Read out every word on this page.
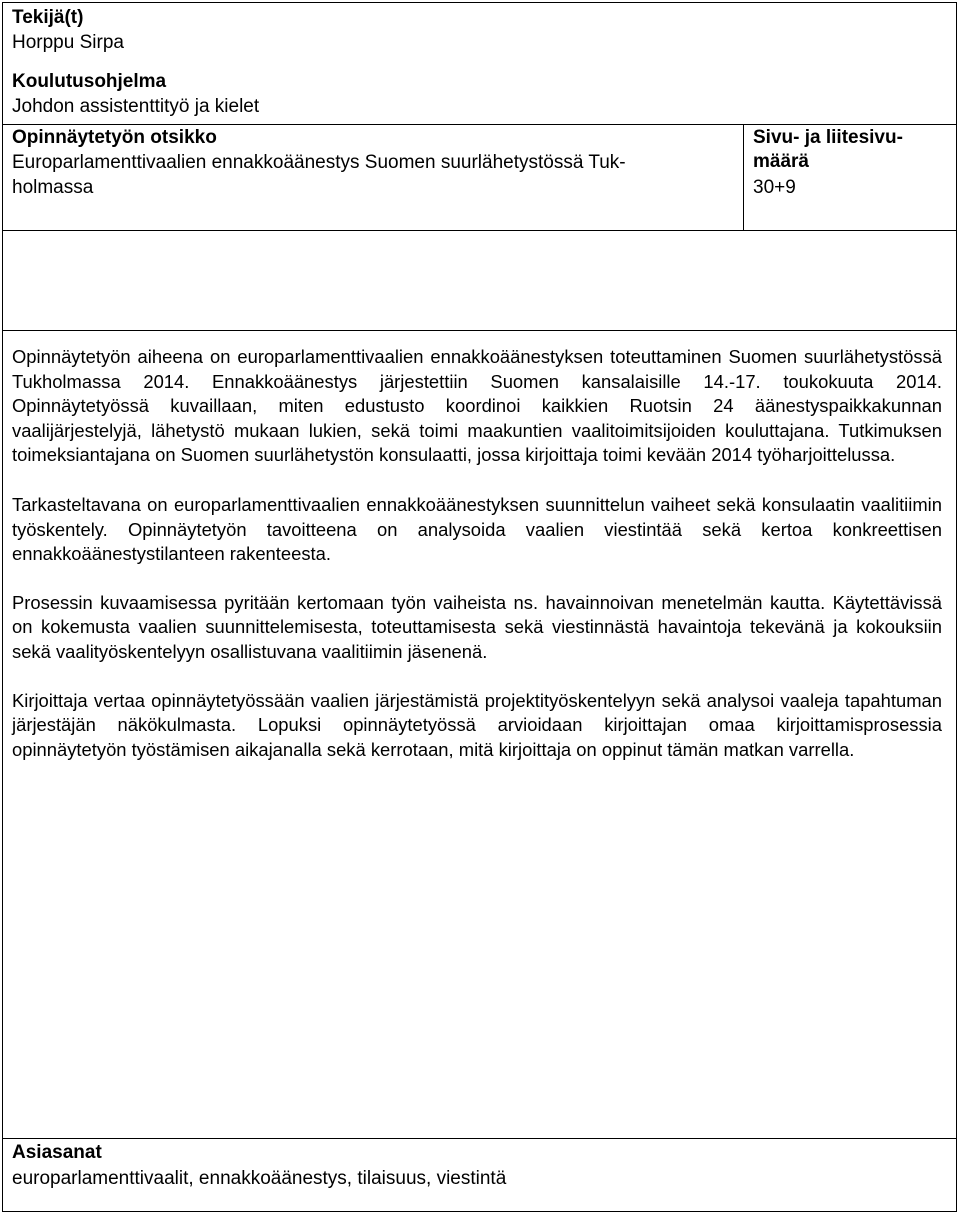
Tekijä(t)
Horppu Sirpa
Koulutusohjelma
Johdon assistenttityö ja kielet
Opinnäytetyön otsikko
Europarlamenttivaalien ennakkoäänestys Suomen suurlähetystössä Tuk-
holmassa
Sivu- ja liitesivu-
määrä
30+9

Opinnäytetyön aiheena on europarlamenttivaalien ennakkoäänestyksen toteuttaminen Suomen suurlähetystössä Tukholmassa 2014. Ennakkoäänestys järjestettiin Suomen kansalaisille 14.-17. toukokuuta 2014. Opinnäytetyössä kuvaillaan, miten edustusto koordinoi kaikkien Ruotsin 24 äänestyspaikkakunnan vaalijärjestelyjä, lähetystö mukaan lukien, sekä toimi maakuntien vaalitoimitsijoiden kouluttajana. Tutkimuksen toimeksiantajana on Suomen suurlähetystön konsulaatti, jossa kirjoittaja toimi kevään 2014 työharjoittelussa.

Tarkasteltavana on europarlamenttivaalien ennakkoäänestyksen suunnittelun vaiheet sekä konsulaatin vaalitiimin työskentely. Opinnäytetyön tavoitteena on analysoida vaalien viestintää sekä kertoa konkreettisen ennakkoäänestystilanteen rakenteesta.

Prosessin kuvaamisessa pyritään kertomaan työn vaiheista ns. havainnoivan menetelmän kautta. Käytettävissä on kokemusta vaalien suunnittelemisesta, toteuttamisesta sekä viestinnästä havaintoja tekevänä ja kokouksiin sekä vaalityöskentelyyn osallistuvana vaalitiimin jäsenenä.

Kirjoittaja vertaa opinnäytetyössään vaalien järjestämistä projektityöskentelyyn sekä analysoi vaaleja tapahtuman järjestäjän näkökulmasta. Lopuksi opinnäytetyössä arvioidaan kirjoittajan omaa kirjoittamisprosessia opinnäytetyön työstämisen aikajanalla sekä kerrotaan, mitä kirjoittaja on oppinut tämän matkan varrella.

Asiasanat
europarlamenttivaalit, ennakkoäänestys, tilaisuus, viestintä
